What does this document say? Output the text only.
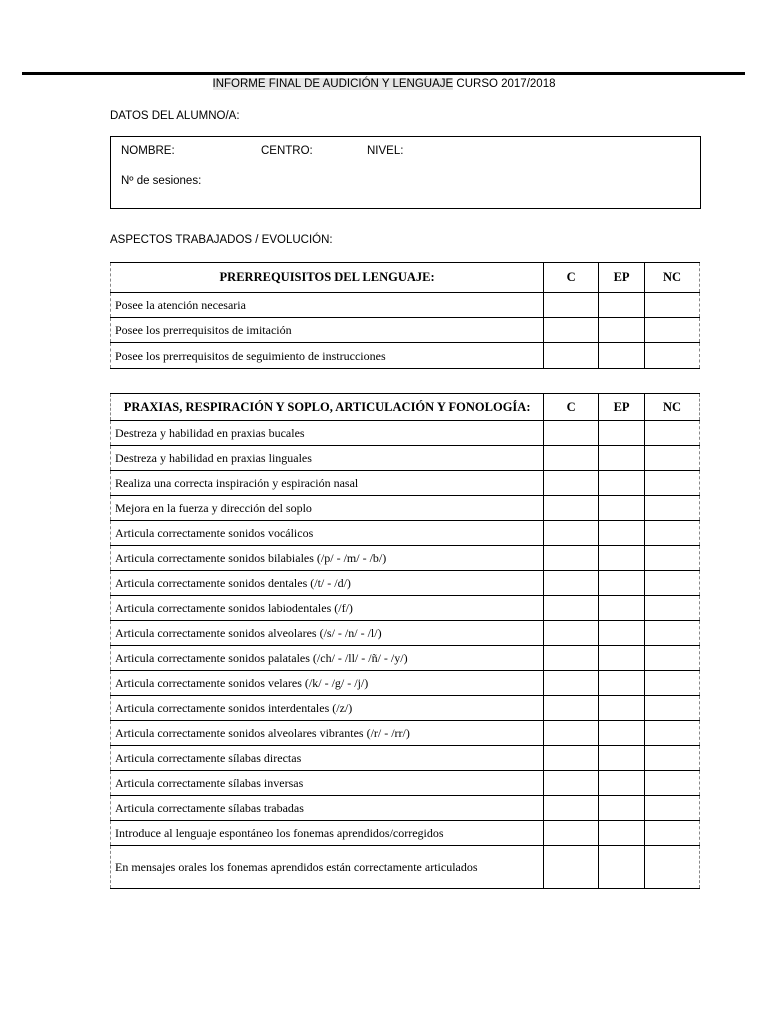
INFORME FINAL DE AUDICIÓN Y LENGUAJE CURSO 2017/2018
DATOS DEL ALUMNO/A:
NOMBRE:	CENTRO:	NIVEL:
Nº de sesiones:
ASPECTOS TRABAJADOS / EVOLUCIÓN:
PRERREQUISITOS DEL LENGUAJE:	C	EP	NC
Posee la atención necesaria			
Posee los prerrequisitos de imitación			
Posee los prerrequisitos de seguimiento de instrucciones			
PRAXIAS, RESPIRACIÓN Y SOPLO, ARTICULACIÓN Y FONOLOGÍA:	C	EP	NC
Destreza y habilidad en praxias bucales			
Destreza y habilidad en praxias linguales			
Realiza una correcta inspiración y espiración nasal			
Mejora en la fuerza y dirección del soplo			
Articula correctamente sonidos vocálicos			
Articula correctamente sonidos bilabiales (/p/ - /m/ - /b/)			
Articula correctamente sonidos dentales (/t/ - /d/)			
Articula correctamente sonidos labiodentales (/f/)			
Articula correctamente sonidos alveolares (/s/ - /n/ - /l/)			
Articula correctamente sonidos palatales (/ch/ - /ll/ - /ñ/ - /y/)			
Articula correctamente sonidos velares (/k/ - /g/ - /j/)			
Articula correctamente sonidos interdentales (/z/)			
Articula correctamente sonidos alveolares vibrantes (/r/ - /rr/)			
Articula correctamente sílabas directas			
Articula correctamente sílabas inversas			
Articula correctamente sílabas trabadas			
Introduce al lenguaje espontáneo los fonemas aprendidos/corregidos			
En mensajes orales los fonemas aprendidos están correctamente articulados			
